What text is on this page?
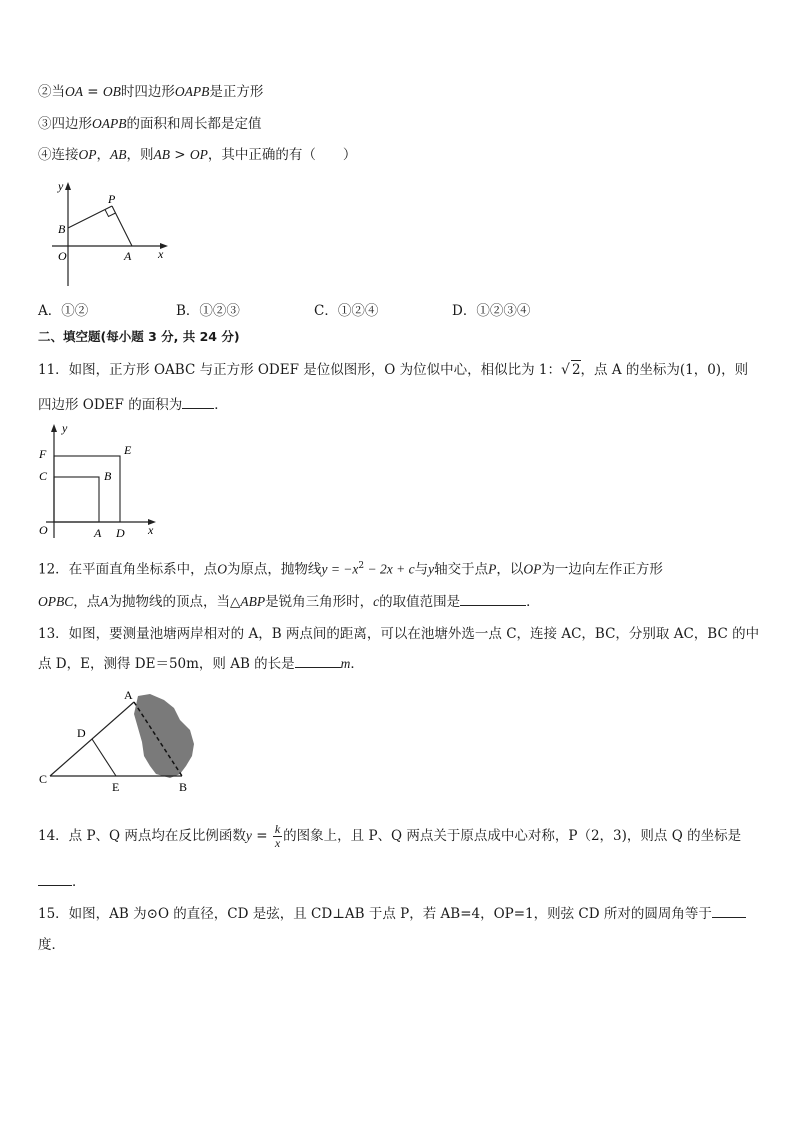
②当OA = OB时四边形OAPB是正方形
③四边形OAPB的面积和周长都是定值
④连接OP，AB，则AB > OP，其中正确的有（　　）
y
x
P
B
O	A
A．①②	B．①②③	C．①②④	D．①②③④
二、填空题(每小题 3 分, 共 24 分)
11．如图，正方形 OABC 与正方形 ODEF 是位似图形，O 为位似中心，相似比为 1：√ 2，点 A 的坐标为(1，0)，则
四边形 ODEF 的面积为 ．
y
x
F	E
C	B
O	A D
12．在平面直角坐标系中，点O为原点，抛物线$y = -x^2 - 2x + c$与y轴交于点P，以OP为一边向左作正方形
OPBC，点A为抛物线的顶点，当△ABP是锐角三角形时，c的取值范围是	．
13．如图，要测量池塘两岸相对的 A，B 两点间的距离，可以在池塘外选一点 C，连接 AC，BC，分别取 AC，BC 的中
点 D，E，测得 DE＝50m，则 AB 的长是	m．
A
D
C
E	B
14．点 P、Q 两点均在反比例函数$y = \frac{k}{x}$ 的图象上，且 P、Q 两点关于原点成中心对称，P（2，3)，则点 Q 的坐标是
．
15．如图，AB 为⊙O 的直径，CD 是弦，且 CD⊥AB 于点 P，若 AB=4，OP=1，则弦 CD 所对的圆周角等于
度．
